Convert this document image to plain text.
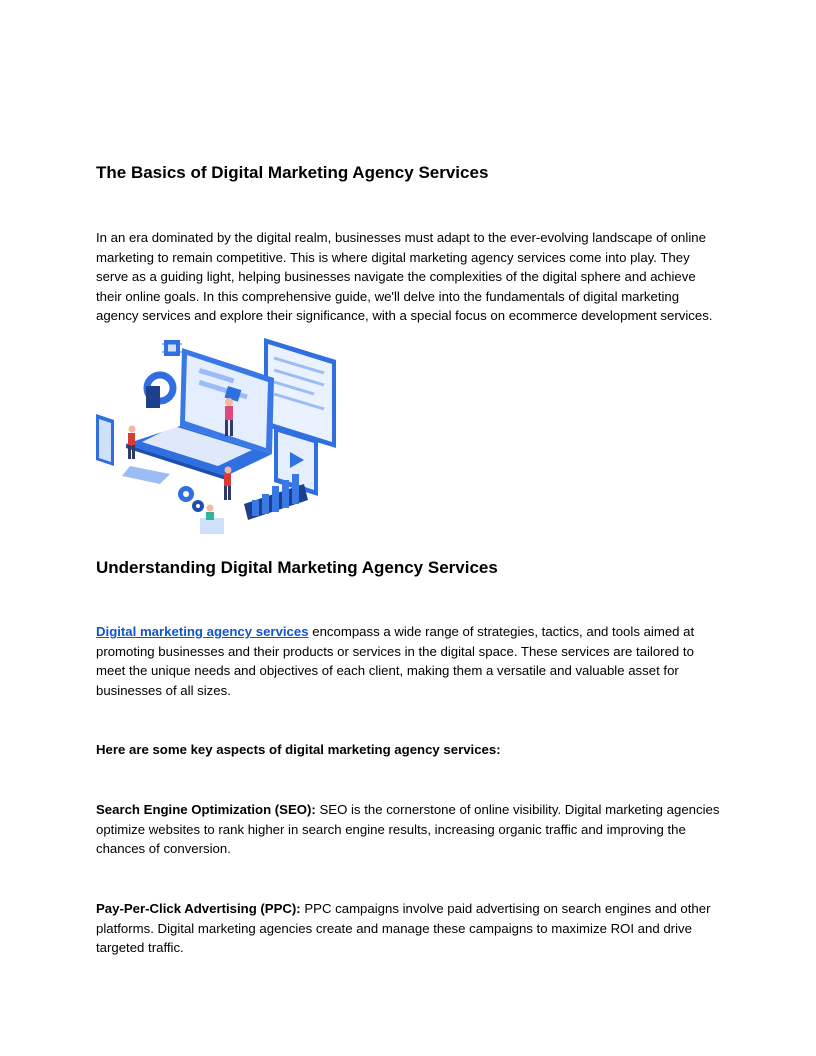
The Basics of Digital Marketing Agency Services

In an era dominated by the digital realm, businesses must adapt to the ever-evolving landscape of online marketing to remain competitive. This is where digital marketing agency services come into play. They serve as a guiding light, helping businesses navigate the complexities of the digital sphere and achieve their online goals. In this comprehensive guide, we'll delve into the fundamentals of digital marketing agency services and explore their significance, with a special focus on ecommerce development services.

Understanding Digital Marketing Agency Services

Digital marketing agency services encompass a wide range of strategies, tactics, and tools aimed at promoting businesses and their products or services in the digital space. These services are tailored to meet the unique needs and objectives of each client, making them a versatile and valuable asset for businesses of all sizes.

Here are some key aspects of digital marketing agency services:

Search Engine Optimization (SEO): SEO is the cornerstone of online visibility. Digital marketing agencies optimize websites to rank higher in search engine results, increasing organic traffic and improving the chances of conversion.

Pay-Per-Click Advertising (PPC): PPC campaigns involve paid advertising on search engines and other platforms. Digital marketing agencies create and manage these campaigns to maximize ROI and drive targeted traffic.
